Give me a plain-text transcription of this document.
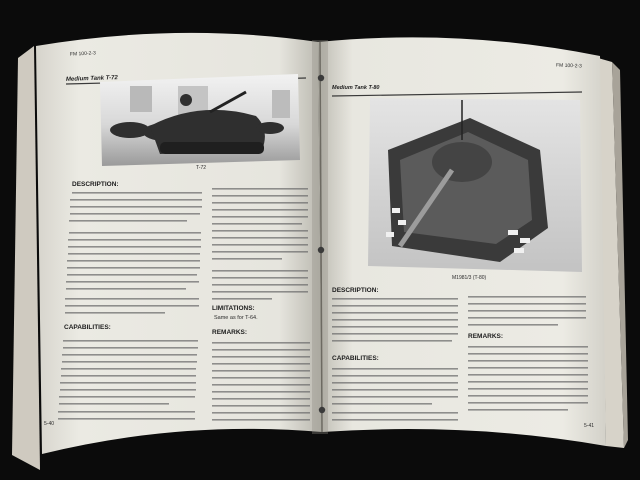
FM 100-2-3
Medium Tank T-72
T-72
DESCRIPTION:
CAPABILITIES:
LIMITATIONS:
Same as for T-64.
REMARKS:
5-40
FM 100-2-3
Medium Tank T-80
M1981/3 (T-80)
DESCRIPTION:
CAPABILITIES:
REMARKS:
5-41
